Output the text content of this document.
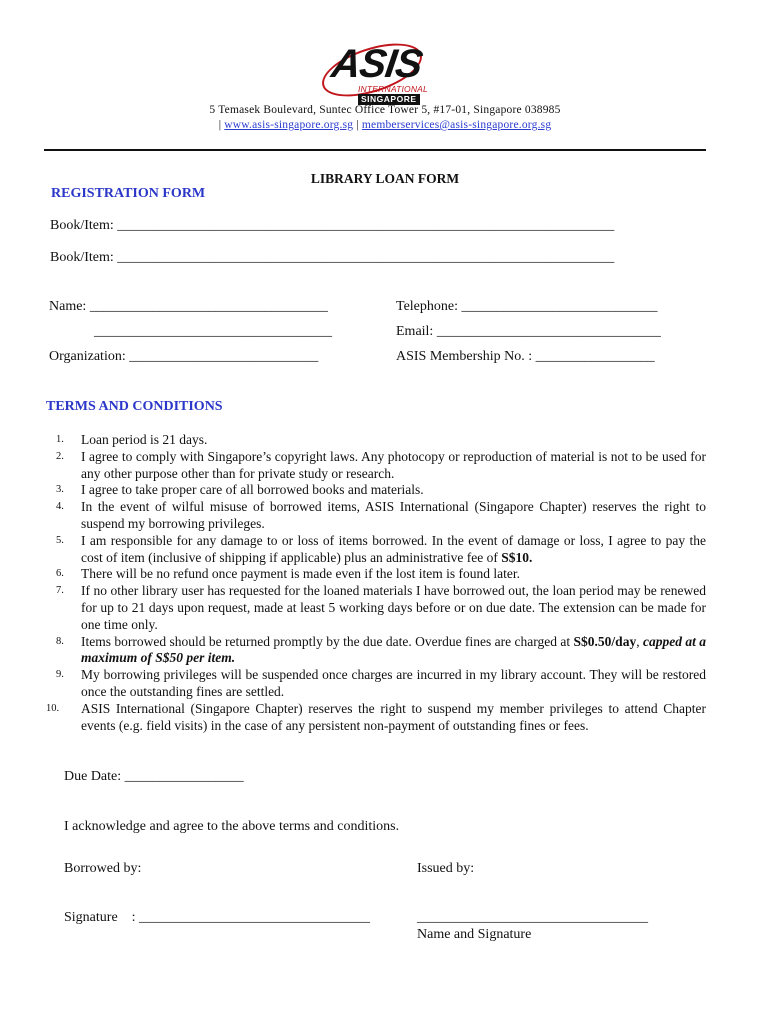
ASIS
INTERNATIONAL
SINGAPORE
5 Temasek Boulevard, Suntec Office Tower 5, #17-01, Singapore 038985
| www.asis-singapore.org.sg | memberservices@asis-singapore.org.sg
LIBRARY LOAN FORM
REGISTRATION FORM
Book/Item: _______________________________________________________________________
Book/Item: _______________________________________________________________________
Name: __________________________________
__________________________________
Organization: ___________________________
Telephone: ____________________________
Email: ________________________________
ASIS Membership No. : _________________
TERMS AND CONDITIONS
1. Loan period is 21 days.
2. I agree to comply with Singapore’s copyright laws. Any photocopy or reproduction of material is not to be used for any other purpose other than for private study or research.
3. I agree to take proper care of all borrowed books and materials.
4. In the event of wilful misuse of borrowed items, ASIS International (Singapore Chapter) reserves the right to suspend my borrowing privileges.
5. I am responsible for any damage to or loss of items borrowed. In the event of damage or loss, I agree to pay the cost of item (inclusive of shipping if applicable) plus an administrative fee of S$10.
6. There will be no refund once payment is made even if the lost item is found later.
7. If no other library user has requested for the loaned materials I have borrowed out, the loan period may be renewed for up to 21 days upon request, made at least 5 working days before or on due date. The extension can be made for one time only.
8. Items borrowed should be returned promptly by the due date. Overdue fines are charged at S$0.50/day, capped at a maximum of S$50 per item.
9. My borrowing privileges will be suspended once charges are incurred in my library account. They will be restored once the outstanding fines are settled.
10. ASIS International (Singapore Chapter) reserves the right to suspend my member privileges to attend Chapter events (e.g. field visits) in the case of any persistent non-payment of outstanding fines or fees.
Due Date: _________________
I acknowledge and agree to the above terms and conditions.
Borrowed by:	Issued by:
Signature    : _________________________________	_________________________________
Name and Signature
